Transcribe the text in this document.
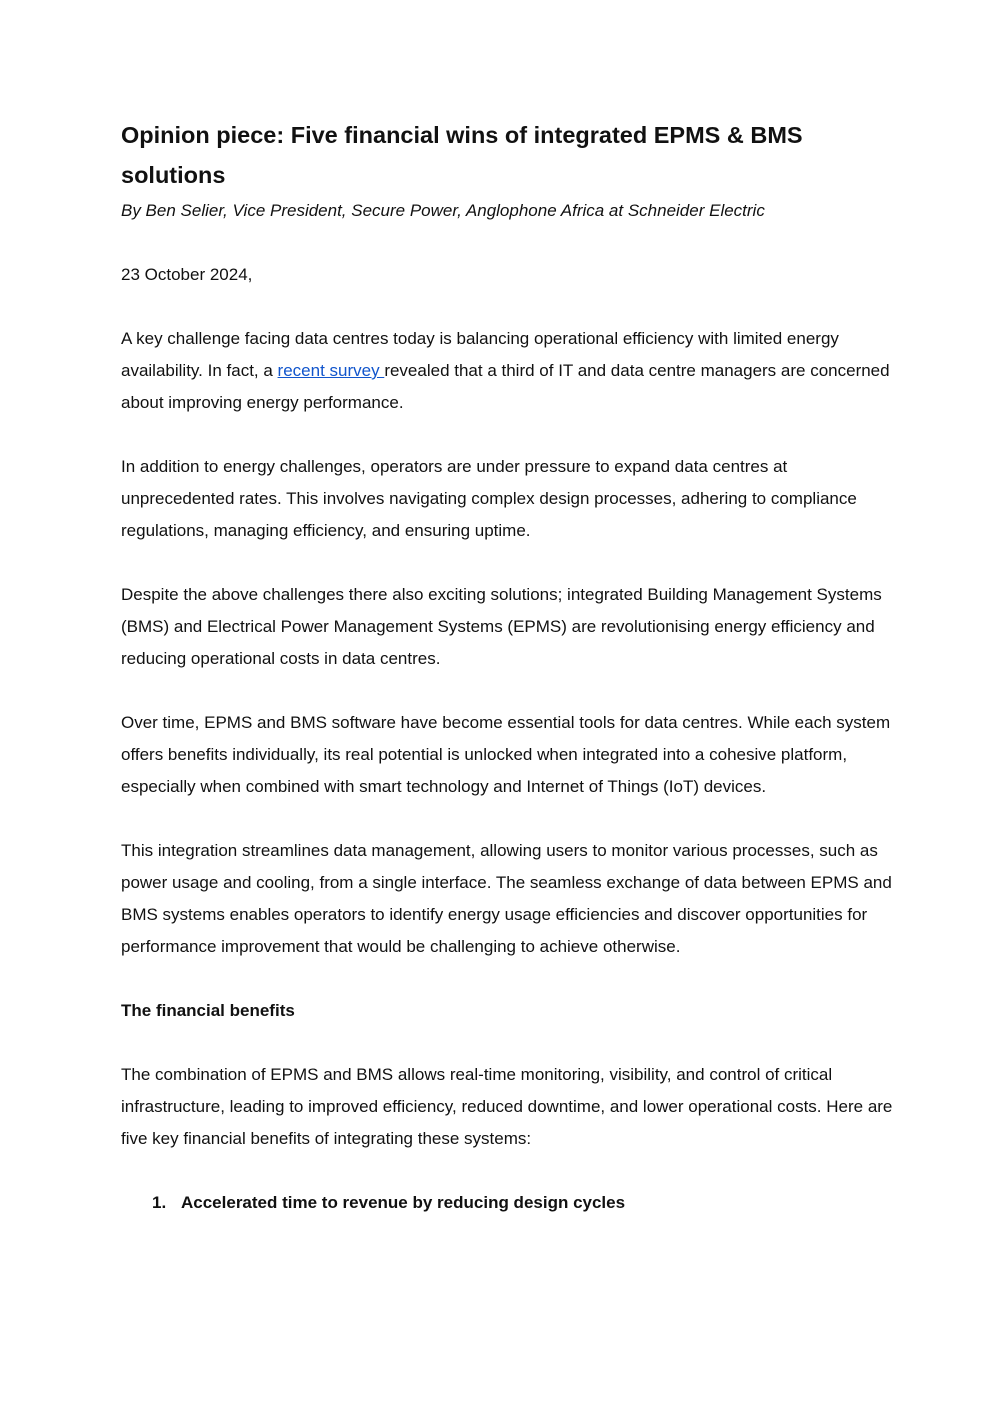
Opinion piece: Five financial wins of integrated EPMS & BMS solutions

By Ben Selier, Vice President, Secure Power, Anglophone Africa at Schneider Electric

23 October 2024,

A key challenge facing data centres today is balancing operational efficiency with limited energy availability. In fact, a recent survey revealed that a third of IT and data centre managers are concerned about improving energy performance.

In addition to energy challenges, operators are under pressure to expand data centres at unprecedented rates. This involves navigating complex design processes, adhering to compliance regulations, managing efficiency, and ensuring uptime.

Despite the above challenges there also exciting solutions; integrated Building Management Systems (BMS) and Electrical Power Management Systems (EPMS) are revolutionising energy efficiency and reducing operational costs in data centres.

Over time, EPMS and BMS software have become essential tools for data centres. While each system offers benefits individually, its real potential is unlocked when integrated into a cohesive platform, especially when combined with smart technology and Internet of Things (IoT) devices.

This integration streamlines data management, allowing users to monitor various processes, such as power usage and cooling, from a single interface. The seamless exchange of data between EPMS and BMS systems enables operators to identify energy usage efficiencies and discover opportunities for performance improvement that would be challenging to achieve otherwise.

The financial benefits

The combination of EPMS and BMS allows real-time monitoring, visibility, and control of critical infrastructure, leading to improved efficiency, reduced downtime, and lower operational costs. Here are five key financial benefits of integrating these systems:

1. Accelerated time to revenue by reducing design cycles
